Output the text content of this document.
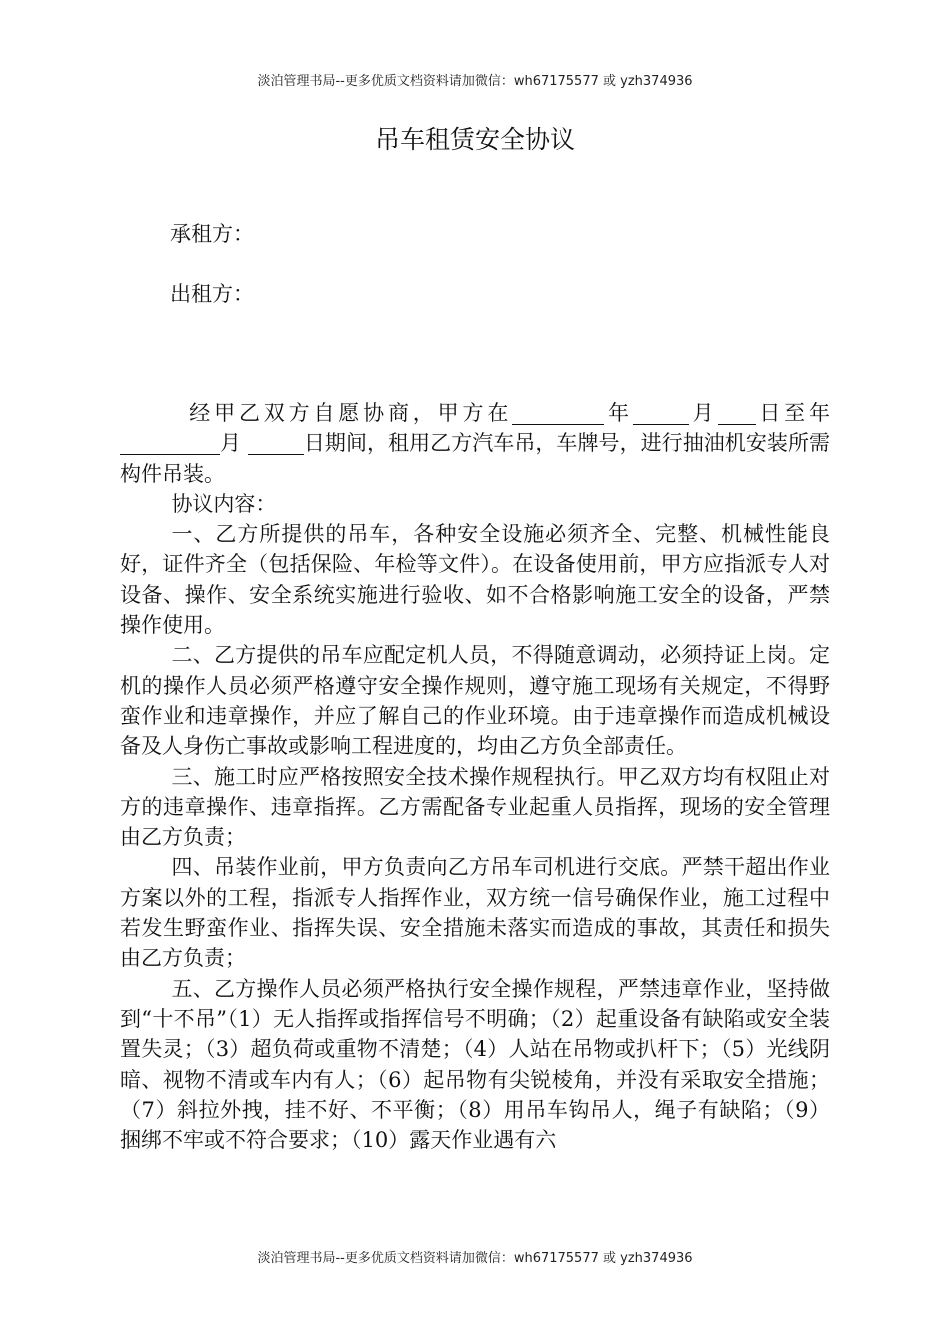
淡泊管理书局--更多优质文档资料请加微信：wh67175577 或 yzh374936
吊车租赁安全协议
承租方：
出租方：

经甲乙双方自愿协商，甲方在	年	月 日至年 月	日期间，租用乙方汽车吊，车牌号，进行抽油机安装所需构件吊装。

协议内容：

一、乙方所提供的吊车，各种安全设施必须齐全、完整、机械性能良好，证件齐全（包括保险、年检等文件）。在设备使用前，甲方应指派专人对设备、操作、安全系统实施进行验收、如不合格影响施工安全的设备，严禁操作使用。

二、乙方提供的吊车应配定机人员，不得随意调动，必须持证上岗。定机的操作人员必须严格遵守安全操作规则，遵守施工现场有关规定，不得野蛮作业和违章操作，并应了解自己的作业环境。由于违章操作而造成机械设备及人身伤亡事故或影响工程进度的，均由乙方负全部责任。

三、施工时应严格按照安全技术操作规程执行。甲乙双方均有权阻止对方的违章操作、违章指挥。乙方需配备专业起重人员指挥，现场的安全管理由乙方负责；

四、吊装作业前，甲方负责向乙方吊车司机进行交底。严禁干超出作业方案以外的工程，指派专人指挥作业，双方统一信号确保作业，施工过程中若发生野蛮作业、指挥失误、安全措施未落实而造成的事故，其责任和损失由乙方负责；

五、乙方操作人员必须严格执行安全操作规程，严禁违章作业，坚持做到“十不吊”（1）无人指挥或指挥信号不明确；（2）起重设备有缺陷或安全装置失灵；（3）超负荷或重物不清楚；（4）人站在吊物或扒杆下；（5）光线阴暗、视物不清或车内有人；（6）起吊物有尖锐棱角，并没有采取安全措施；（7）斜拉外拽，挂不好、不平衡；（8）用吊车钩吊人，绳子有缺陷；（9）捆绑不牢或不符合要求；（10）露天作业遇有六

淡泊管理书局--更多优质文档资料请加微信：wh67175577 或 yzh374936
